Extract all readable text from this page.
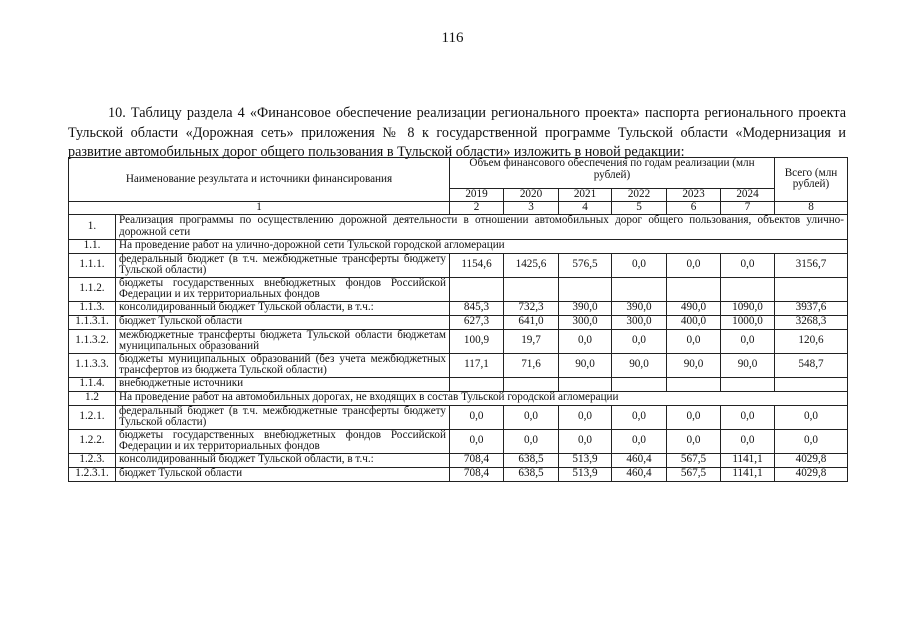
116

10. Таблицу раздела 4 «Финансовое обеспечение реализации регионального проекта» паспорта регионального проекта Тульской области «Дорожная сеть» приложения № 8 к государственной программе Тульской области «Модернизация и развитие автомобильных дорог общего пользования в Тульской области» изложить в новой редакции:

Наименование результата и источники финансирования		Объем финансового обеспечения по годам реализации (млн рублей)						Всего (млн рублей)
		2019	2020	2021	2022	2023	2024	
1		2	3	4	5	6	7	8
1.	Реализация программы по осуществлению дорожной деятельности в отношении автомобильных дорог общего пользования, объектов улично-дорожной сети							
1.1.	На проведение работ на улично-дорожной сети Тульской городской агломерации							
1.1.1.	федеральный бюджет (в т.ч. межбюджетные трансферты бюджету Тульской области)	1154,6	1425,6	576,5	0,0	0,0	0,0	3156,7
1.1.2.	бюджеты государственных внебюджетных фондов Российской Федерации и их территориальных фондов							
1.1.3.	консолидированный бюджет Тульской области, в т.ч.:	845,3	732,3	390,0	390,0	490,0	1090,0	3937,6
1.1.3.1.	бюджет Тульской области	627,3	641,0	300,0	300,0	400,0	1000,0	3268,3
1.1.3.2.	межбюджетные трансферты бюджета Тульской области бюджетам муниципальных образований	100,9	19,7	0,0	0,0	0,0	0,0	120,6
1.1.3.3.	бюджеты муниципальных образований (без учета межбюджетных трансфертов из бюджета Тульской области)	117,1	71,6	90,0	90,0	90,0	90,0	548,7
1.1.4.	внебюджетные источники							
1.2	На проведение работ на автомобильных дорогах, не входящих в состав Тульской городской агломерации							
1.2.1.	федеральный бюджет (в т.ч. межбюджетные трансферты бюджету Тульской области)	0,0	0,0	0,0	0,0	0,0	0,0	0,0
1.2.2.	бюджеты государственных внебюджетных фондов Российской Федерации и их территориальных фондов	0,0	0,0	0,0	0,0	0,0	0,0	0,0
1.2.3.	консолидированный бюджет Тульской области, в т.ч.:	708,4	638,5	513,9	460,4	567,5	1141,1	4029,8
1.2.3.1.	бюджет Тульской области	708,4	638,5	513,9	460,4	567,5	1141,1	4029,8
